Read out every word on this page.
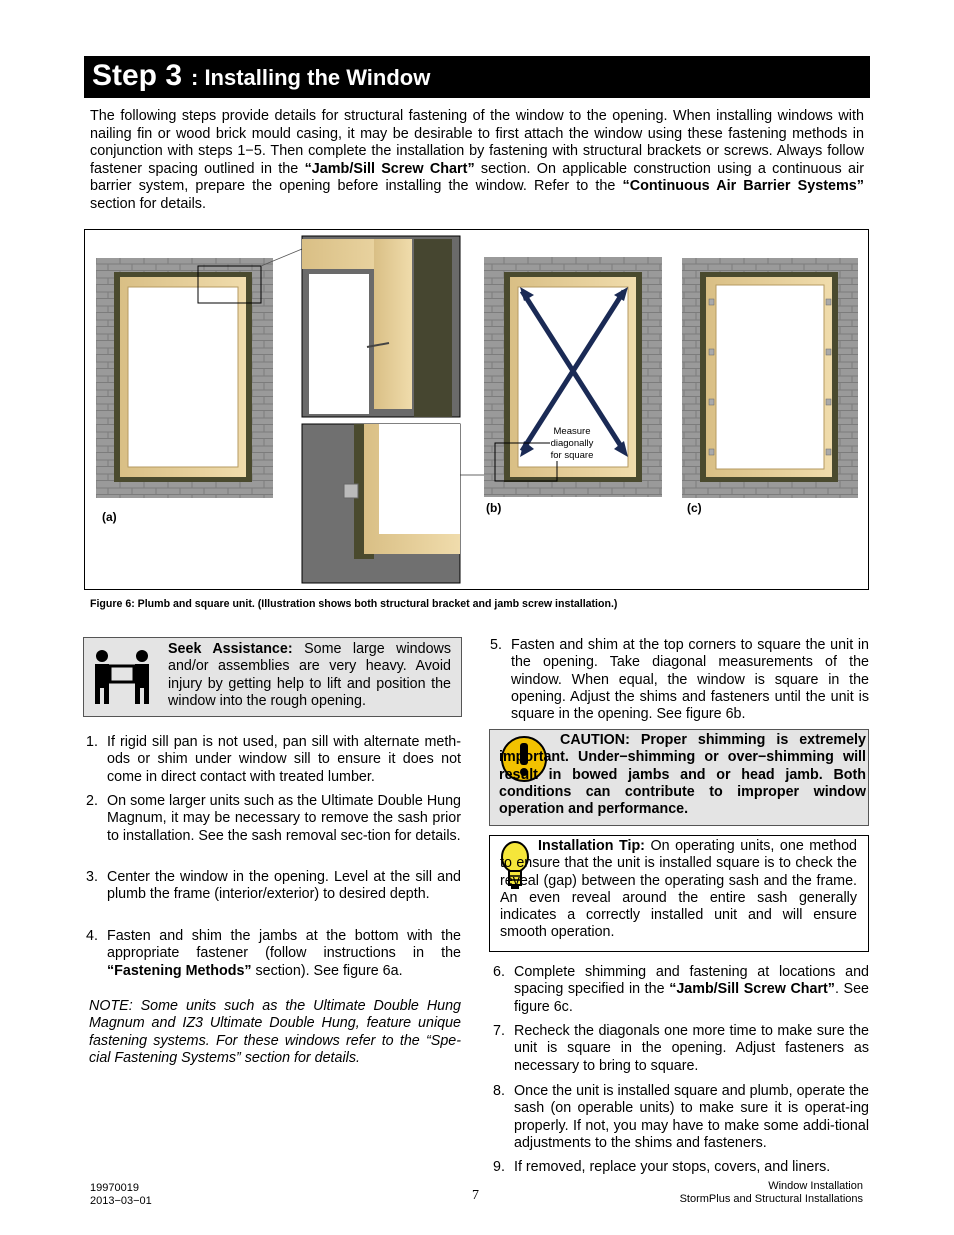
Step 3 : Installing the Window
The following steps provide details for structural fastening of the window to the opening. When installing windows with nailing fin or wood brick mould casing, it may be desirable to first attach the window using these fastening methods in conjunction with steps 1−5. Then complete the installation by fastening with structural brackets or screws. Always follow fastener spacing outlined in the “Jamb/Sill Screw Chart” section. On applicable construction using a continuous air barrier system, prepare the opening before installing the window. Refer to the “Continuous Air Barrier Systems” section for details.
(a)
Measure
diagonally
for square
(b)	(c)
Figure 6: Plumb and square unit. (Illustration shows both structural bracket and jamb screw installation.)
Seek Assistance: Some large windows and/or assemblies are very heavy. Avoid injury by getting help to lift and position the window into the rough opening.
1. If rigid sill pan is not used, pan sill with alternate meth-ods or shim under window sill to ensure it does not come in direct contact with treated lumber.
2. On some larger units such as the Ultimate Double Hung Magnum, it may be necessary to remove the sash prior to installation. See the sash removal sec-tion for details.
3. Center the window in the opening. Level at the sill and plumb the frame (interior/exterior) to desired depth.
4. Fasten and shim the jambs at the bottom with the appropriate fastener (follow instructions in the “Fastening Methods” section). See figure 6a.
NOTE: Some units such as the Ultimate Double Hung Magnum and IZ3 Ultimate Double Hung, feature unique fastening systems. For these windows refer to the “Spe-cial Fastening Systems” section for details.
5. Fasten and shim at the top corners to square the unit in the opening. Take diagonal measurements of the window. When equal, the window is square in the opening. Adjust the shims and fasteners until the unit is square in the opening. See figure 6b.
CAUTION: Proper shimming is extremely important. Under−shimming or over−shimming will result in bowed jambs and or head jamb. Both conditions can contribute to improper window operation and performance.
Installation Tip: On operating units, one method to ensure that the unit is installed square is to check the reveal (gap) between the operating sash and the frame. An even reveal around the entire sash generally indicates a correctly installed unit and will ensure smooth operation.
6. Complete shimming and fastening at locations and spacing specified in the “Jamb/Sill Screw Chart”. See figure 6c.
7. Recheck the diagonals one more time to make sure the unit is square in the opening. Adjust fasteners as necessary to bring to square.
8. Once the unit is installed square and plumb, operate the sash (on operable units) to make sure it is operat-ing properly. If not, you may have to make some addi-tional adjustments to the shims and fasteners.
9. If removed, replace your stops, covers, and liners.
19970019
2013−03−01	7
Window Installation
StormPlus and Structural Installations
